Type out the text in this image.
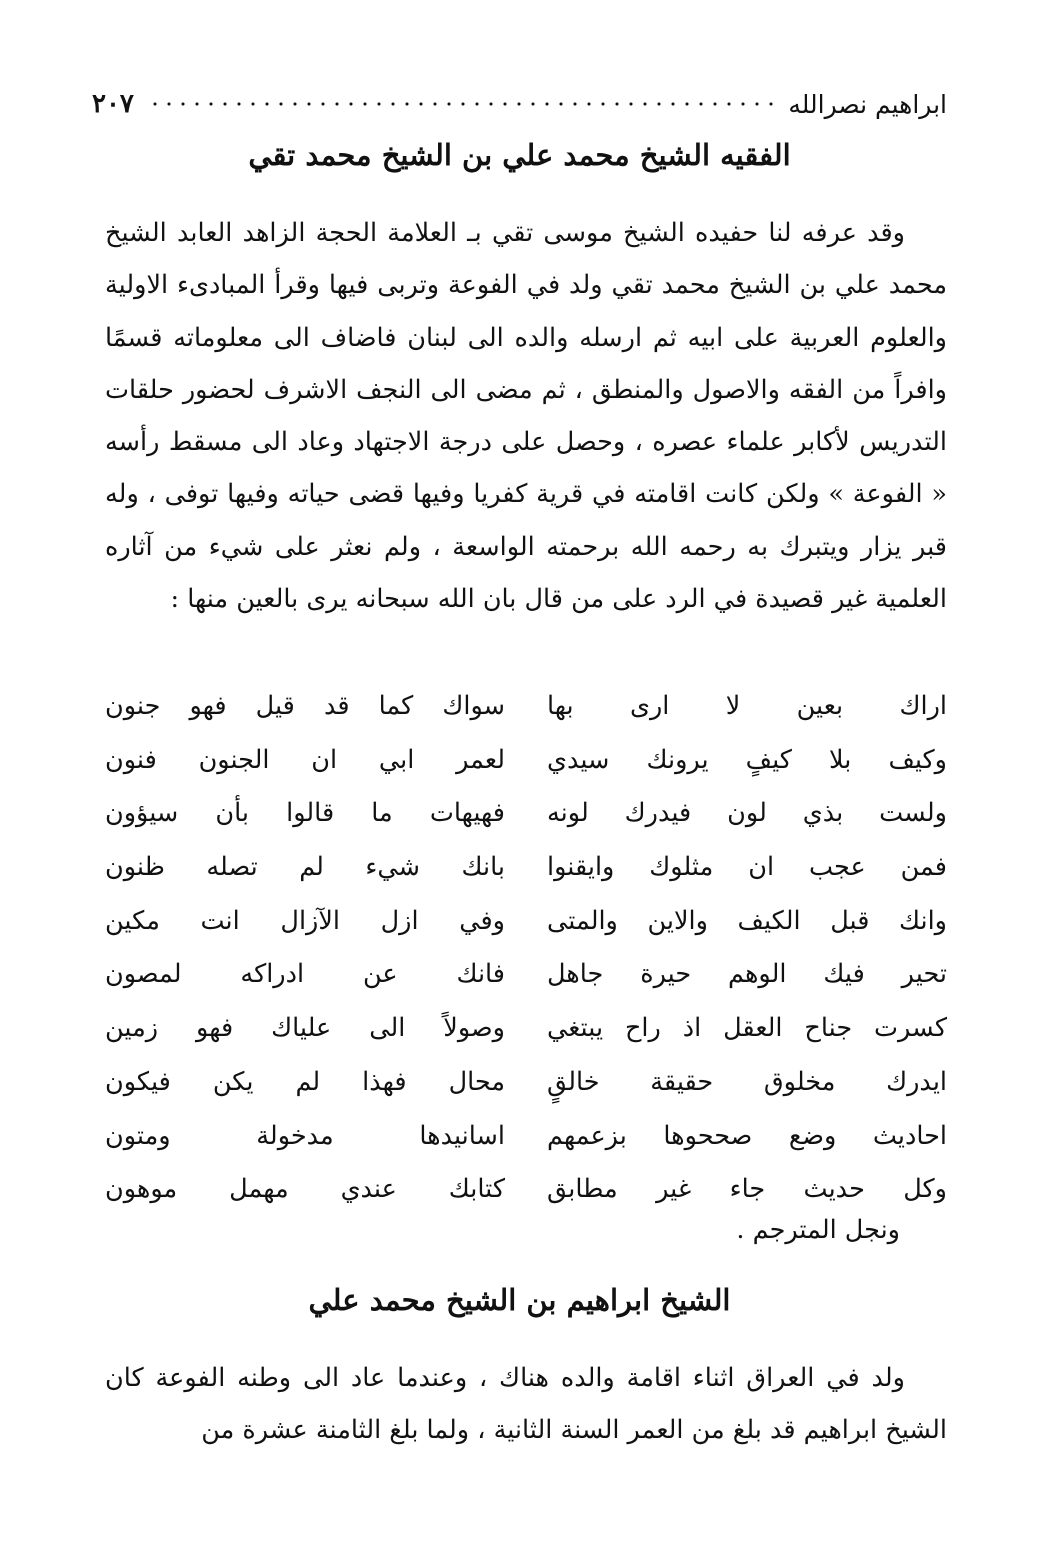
ابراهيم نصرالله
٢٠٧
الفقيه الشيخ محمد علي بن الشيخ محمد تقي

وقد عرفه لنا حفيده الشيخ موسى تقي بـ العلامة الحجة الزاهد العابد الشيخ محمد علي بن الشيخ محمد تقي ولد في الفوعة وتربى فيها وقرأ المبادىء الاولية والعلوم العربية على ابيه ثم ارسله والده الى لبنان فاضاف الى معلوماته قسمًا وافراً من الفقه والاصول والمنطق ، ثم مضى الى النجف الاشرف لحضور حلقات التدريس لأكابر علماء عصره ، وحصل على درجة الاجتهاد وعاد الى مسقط رأسه « الفوعة » ولكن كانت اقامته في قرية كفريا وفيها قضى حياته وفيها توفى ، وله قبر يزار ويتبرك به رحمه الله برحمته الواسعة ، ولم نعثر على شيء من آثاره العلمية غير قصيدة في الرد على من قال بان الله سبحانه يرى بالعين منها :

اراك بعين لا ارى بها
سواك كما قد قيل فهو جنون
وكيف بلا كيفٍ يرونك سيدي
لعمر ابي ان الجنون فنون
ولست بذي لون فيدرك لونه
فهيهات ما قالوا بأن سيؤون
فمن عجب ان مثلوك وايقنوا
بانك شيء لم تصله ظنون
وانك قبل الكيف والاين والمتى
وفي ازل الآزال انت مكين
تحير فيك الوهم حيرة جاهل
فانك عن ادراكه لمصون
كسرت جناح العقل اذ راح يبتغي
وصولاً الى علياك فهو زمين
ايدرك مخلوق حقيقة خالقٍ
محال فهذا لم يكن فيكون
احاديث وضع صححوها بزعمهم
اسانيدها مدخولة ومتون
وكل حديث جاء غير مطابق
كتابك عندي مهمل موهون
ونجل المترجم .
الشيخ ابراهيم بن الشيخ محمد علي

ولد في العراق اثناء اقامة والده هناك ، وعندما عاد الى وطنه الفوعة كان الشيخ ابراهيم قد بلغ من العمر السنة الثانية ، ولما بلغ الثامنة عشرة من
